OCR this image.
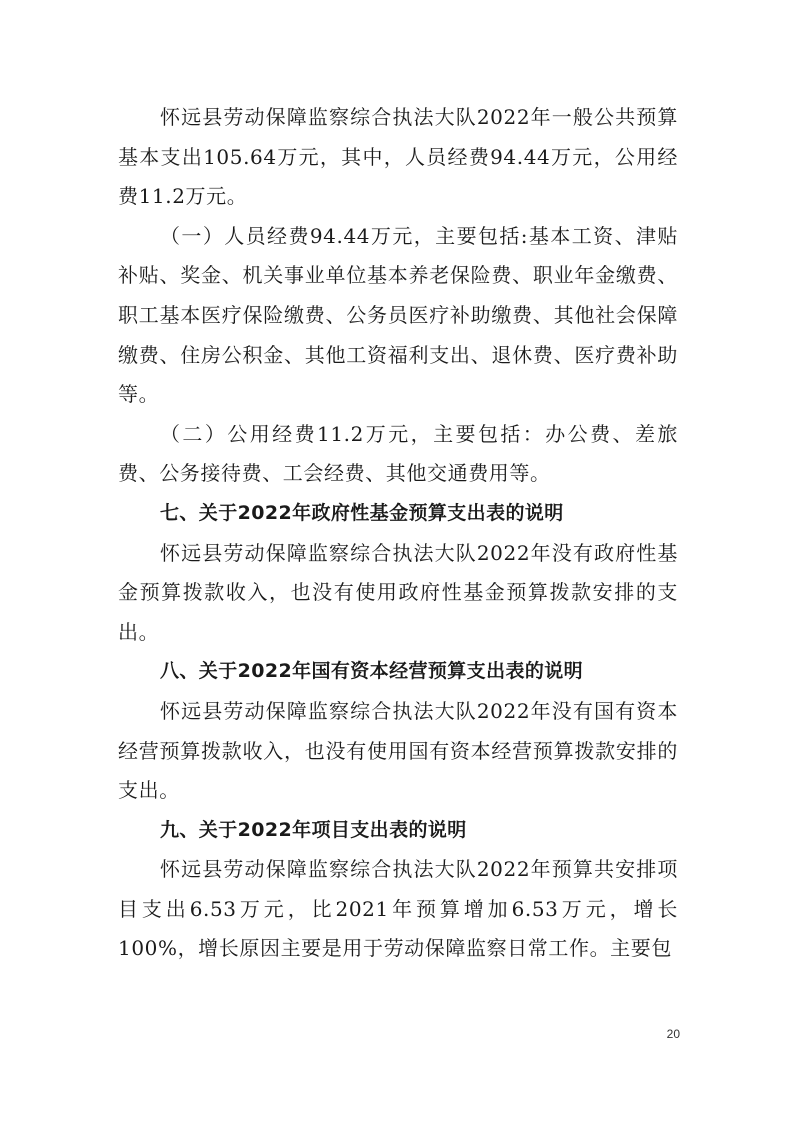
怀远县劳动保障监察综合执法大队2022年一般公共预算基本支出105.64万元，其中，人员经费94.44万元，公用经费11.2万元。

（一）人员经费94.44万元，主要包括:基本工资、津贴补贴、奖金、机关事业单位基本养老保险费、职业年金缴费、职工基本医疗保险缴费、公务员医疗补助缴费、其他社会保障缴费、住房公积金、其他工资福利支出、退休费、医疗费补助等。

（二）公用经费11.2万元，主要包括：办公费、差旅费、公务接待费、工会经费、其他交通费用等。

七、关于2022年政府性基金预算支出表的说明

怀远县劳动保障监察综合执法大队2022年没有政府性基金预算拨款收入，也没有使用政府性基金预算拨款安排的支出。

八、关于2022年国有资本经营预算支出表的说明

怀远县劳动保障监察综合执法大队2022年没有国有资本经营预算拨款收入，也没有使用国有资本经营预算拨款安排的支出。

九、关于2022年项目支出表的说明

怀远县劳动保障监察综合执法大队2022年预算共安排项目支出6.53万元，比2021年预算增加6.53万元，增长100%，增长原因主要是用于劳动保障监察日常工作。主要包

20
